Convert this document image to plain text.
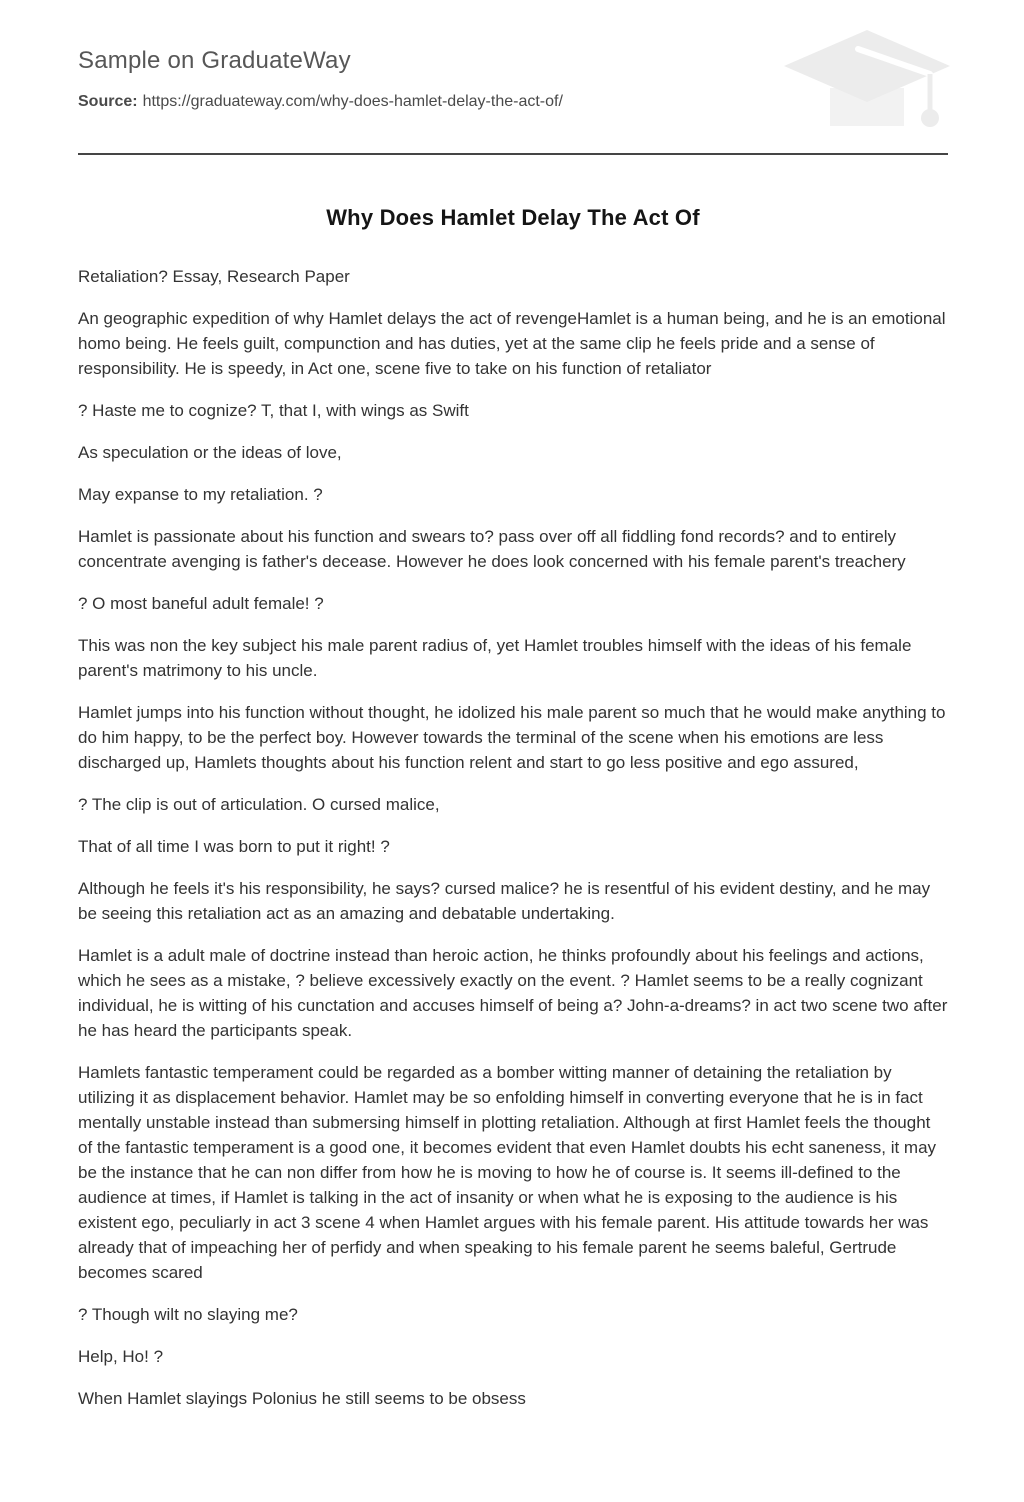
Sample on GraduateWay
Source: https://graduateway.com/why-does-hamlet-delay-the-act-of/
Why Does Hamlet Delay The Act Of

Retaliation? Essay, Research Paper

An geographic expedition of why Hamlet delays the act of revengeHamlet is a human being, and he is an emotional homo being. He feels guilt, compunction and has duties, yet at the same clip he feels pride and a sense of responsibility. He is speedy, in Act one, scene five to take on his function of retaliator

? Haste me to cognize? T, that I, with wings as Swift

As speculation or the ideas of love,

May expanse to my retaliation. ?

Hamlet is passionate about his function and swears to? pass over off all fiddling fond records? and to entirely concentrate avenging is father's decease. However he does look concerned with his female parent's treachery

? O most baneful adult female! ?

This was non the key subject his male parent radius of, yet Hamlet troubles himself with the ideas of his female parent's matrimony to his uncle.

Hamlet jumps into his function without thought, he idolized his male parent so much that he would make anything to do him happy, to be the perfect boy. However towards the terminal of the scene when his emotions are less discharged up, Hamlets thoughts about his function relent and start to go less positive and ego assured,

? The clip is out of articulation. O cursed malice,

That of all time I was born to put it right! ?

Although he feels it's his responsibility, he says? cursed malice? he is resentful of his evident destiny, and he may be seeing this retaliation act as an amazing and debatable undertaking.

Hamlet is a adult male of doctrine instead than heroic action, he thinks profoundly about his feelings and actions, which he sees as a mistake, ? believe excessively exactly on the event. ? Hamlet seems to be a really cognizant individual, he is witting of his cunctation and accuses himself of being a? John-a-dreams? in act two scene two after he has heard the participants speak.

Hamlets fantastic temperament could be regarded as a bomber witting manner of detaining the retaliation by utilizing it as displacement behavior. Hamlet may be so enfolding himself in converting everyone that he is in fact mentally unstable instead than submersing himself in plotting retaliation. Although at first Hamlet feels the thought of the fantastic temperament is a good one, it becomes evident that even Hamlet doubts his echt saneness, it may be the instance that he can non differ from how he is moving to how he of course is. It seems ill-defined to the audience at times, if Hamlet is talking in the act of insanity or when what he is exposing to the audience is his existent ego, peculiarly in act 3 scene 4 when Hamlet argues with his female parent. His attitude towards her was already that of impeaching her of perfidy and when speaking to his female parent he seems baleful, Gertrude becomes scared

? Though wilt no slaying me?

Help, Ho! ?

When Hamlet slayings Polonius he still seems to be obsess
